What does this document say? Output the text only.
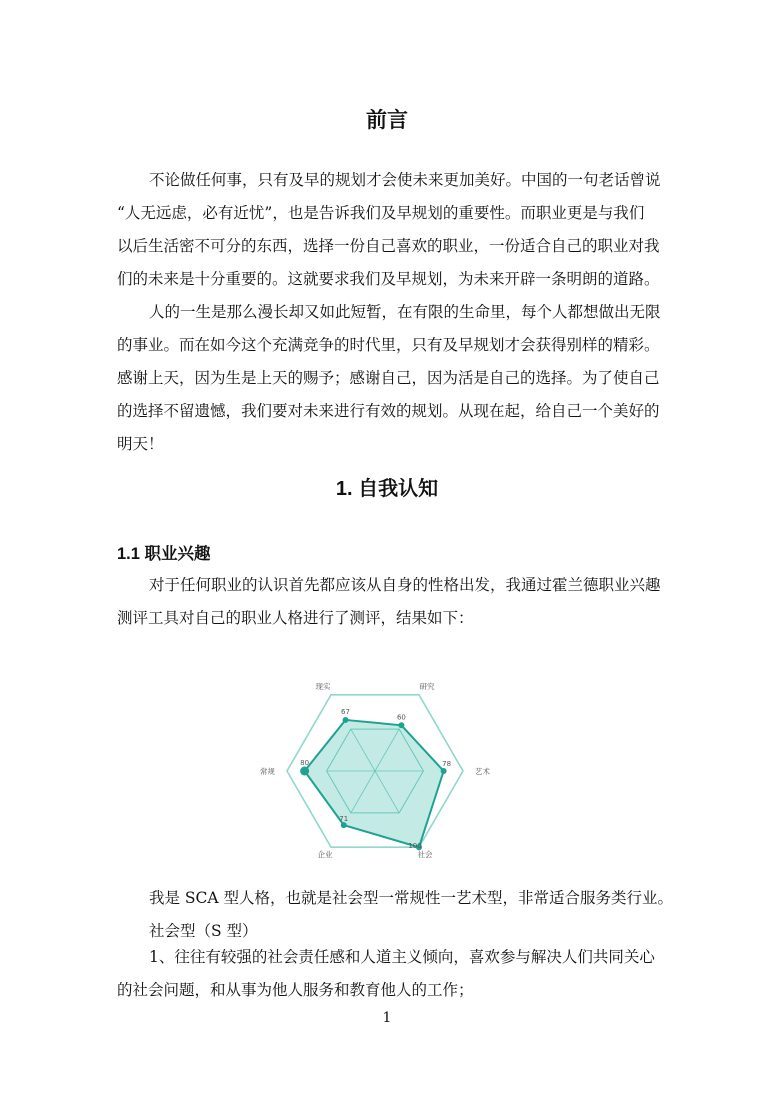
前言

不论做任何事，只有及早的规划才会使未来更加美好。中国的一句老话曾说
“人无远虑，必有近忧”，也是告诉我们及早规划的重要性。而职业更是与我们
以后生活密不可分的东西，选择一份自己喜欢的职业，一份适合自己的职业对我
们的未来是十分重要的。这就要求我们及早规划，为未来开辟一条明朗的道路。

人的一生是那么漫长却又如此短暂，在有限的生命里，每个人都想做出无限
的事业。而在如今这个充满竞争的时代里，只有及早规划才会获得别样的精彩。
感谢上天，因为生是上天的赐予；感谢自己，因为活是自己的选择。为了使自己
的选择不留遗憾，我们要对未来进行有效的规划。从现在起，给自己一个美好的
明天！

1. 自我认知
1.1 职业兴趣

对于任何职业的认识首先都应该从自身的性格出发，我通过霍兰德职业兴趣
测评工具对自己的职业人格进行了测评，结果如下：

67
60
78
100
71
80
现实	研究
艺术
社会
企业
常规
我是 SCA 型人格，也就是社会型一常规性一艺术型，非常适合服务类行业。
社会型（S 型）

1、往往有较强的社会责任感和人道主义倾向，喜欢参与解决人们共同关心
的社会问题，和从事为他人服务和教育他人的工作；

1
